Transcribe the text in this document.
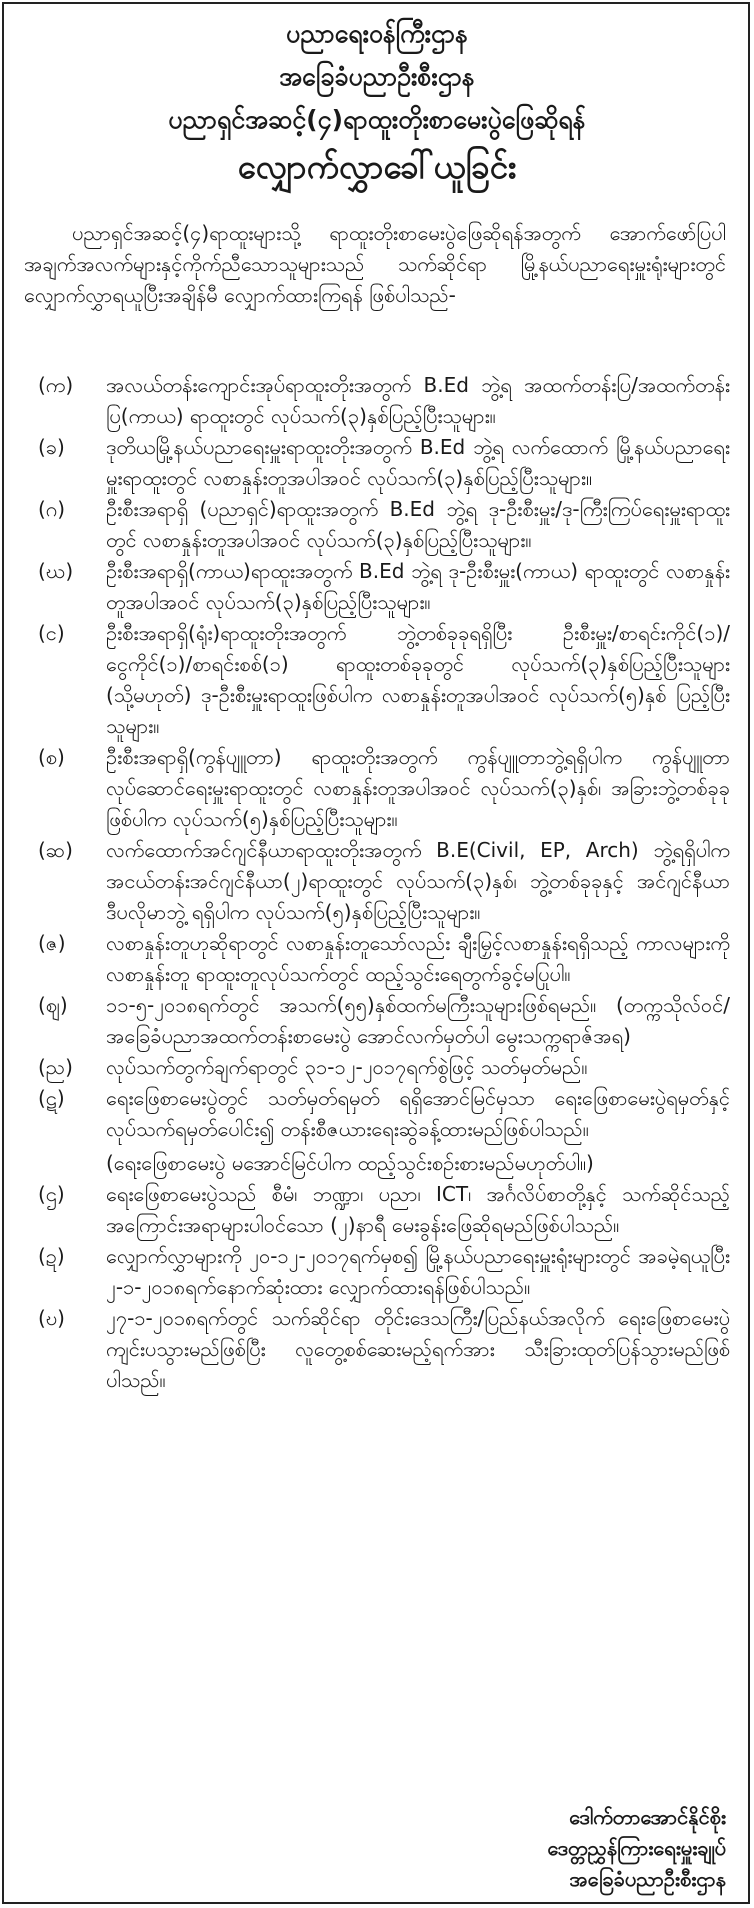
ပညာရေးဝန်ကြီးဌာန
အခြေခံပညာဦးစီးဌာန
ပညာရှင်အဆင့်(၄)ရာထူးတိုးစာမေးပွဲဖြေဆိုရန်
လျှောက်လွှာခေါ်ယူခြင်း
ပညာရှင်အဆင့်(၄)ရာထူးများသို့ ရာထူးတိုးစာမေးပွဲဖြေဆိုရန်အတွက် အောက်ဖော်ပြပါ အချက်အလက်များနှင့်ကိုက်ညီသောသူများသည် သက်ဆိုင်ရာ မြို့နယ်ပညာရေးမှူးရုံးများတွင် လျှောက်လွှာရယူပြီးအချိန်မီ လျှောက်ထားကြရန် ဖြစ်ပါသည်-
(က)	အလယ်တန်းကျောင်းအုပ်ရာထူးတိုးအတွက် B.Ed ဘွဲ့ရ အထက်တန်းပြ/အထက်တန်းပြ(ကာယ) ရာထူးတွင် လုပ်သက်(၃)နှစ်ပြည့်ပြီးသူများ။
(ခ)	ဒုတိယမြို့နယ်ပညာရေးမှူးရာထူးတိုးအတွက် B.Ed ဘွဲ့ရ လက်ထောက် မြို့နယ်ပညာရေးမှူးရာထူးတွင် လစာနှုန်းတူအပါအဝင် လုပ်သက်(၃)နှစ်ပြည့်ပြီးသူများ။
(ဂ)	ဦးစီးအရာရှိ (ပညာရှင်)ရာထူးအတွက် B.Ed ဘွဲ့ရ ဒု-ဦးစီးမှူး/ဒု-ကြီးကြပ်ရေးမှူးရာထူးတွင် လစာနှုန်းတူအပါအဝင် လုပ်သက်(၃)နှစ်ပြည့်ပြီးသူများ။
(ဃ)	ဦးစီးအရာရှိ(ကာယ)ရာထူးအတွက် B.Ed ဘွဲ့ရ ဒု-ဦးစီးမှူး(ကာယ) ရာထူးတွင် လစာနှုန်းတူအပါအဝင် လုပ်သက်(၃)နှစ်ပြည့်ပြီးသူများ။
(င)	ဦးစီးအရာရှိ(ရုံး)ရာထူးတိုးအတွက် ဘွဲ့တစ်ခုခုရရှိပြီး ဦးစီးမှူး/စာရင်းကိုင်(၁)/ ငွေကိုင်(၁)/စာရင်းစစ်(၁) ရာထူးတစ်ခုခုတွင် လုပ်သက်(၃)နှစ်ပြည့်ပြီးသူများ (သို့မဟုတ်) ဒု-ဦးစီးမှူးရာထူးဖြစ်ပါက လစာနှုန်းတူအပါအဝင် လုပ်သက်(၅)နှစ် ပြည့်ပြီးသူများ။
(စ)	ဦးစီးအရာရှိ(ကွန်ပျူတာ) ရာထူးတိုးအတွက် ကွန်ပျူတာဘွဲ့ရရှိပါက ကွန်ပျူတာလုပ်ဆောင်ရေးမှူးရာထူးတွင် လစာနှုန်းတူအပါအဝင် လုပ်သက်(၃)နှစ်၊ အခြားဘွဲ့တစ်ခုခုဖြစ်ပါက လုပ်သက်(၅)နှစ်ပြည့်ပြီးသူများ။
(ဆ)	လက်ထောက်အင်ဂျင်နီယာရာထူးတိုးအတွက် B.E(Civil, EP, Arch) ဘွဲ့ရရှိပါက အငယ်တန်းအင်ဂျင်နီယာ(၂)ရာထူးတွင် လုပ်သက်(၃)နှစ်၊ ဘွဲ့တစ်ခုခုနှင့် အင်ဂျင်နီယာဒီပလိုမာဘွဲ့ ရရှိပါက လုပ်သက်(၅)နှစ်ပြည့်ပြီးသူများ။
(ဇ)	လစာနှုန်းတူဟုဆိုရာတွင် လစာနှုန်းတူသော်လည်း ချီးမြှင့်လစာနှုန်းရရှိသည့် ကာလများကို လစာနှုန်းတူ ရာထူးတူလုပ်သက်တွင် ထည့်သွင်းရေတွက်ခွင့်မပြုပါ။
(ဈ)	၁၁-၅-၂၀၁၈ရက်တွင် အသက်(၅၅)နှစ်ထက်မကြီးသူများဖြစ်ရမည်။ (တက္ကသိုလ်ဝင်/အခြေခံပညာအထက်တန်းစာမေးပွဲ အောင်လက်မှတ်ပါ မွေးသက္ကရာဇ်အရ)
(ည)	လုပ်သက်တွက်ချက်ရာတွင် ၃၁-၁၂-၂၀၁၇ရက်စွဲဖြင့် သတ်မှတ်မည်။
(ဋ)	ရေးဖြေစာမေးပွဲတွင် သတ်မှတ်ရမှတ် ရရှိအောင်မြင်မှသာ ရေးဖြေစာမေးပွဲရမှတ်နှင့်လုပ်သက်ရမှတ်ပေါင်း၍ တန်းစီဇယားရေးဆွဲခန့်ထားမည်ဖြစ်ပါသည်။
(ရေးဖြေစာမေးပွဲ မအောင်မြင်ပါက ထည့်သွင်းစဉ်းစားမည်မဟုတ်ပါ။)
(ဌ)	ရေးဖြေစာမေးပွဲသည် စီမံ၊ ဘဏ္ဍာ၊ ပညာ၊ ICT၊ အင်္ဂလိပ်စာတို့နှင့် သက်ဆိုင်သည့်အကြောင်းအရာများပါဝင်သော (၂)နာရီ မေးခွန်းဖြေဆိုရမည်ဖြစ်ပါသည်။
(ဍ)	လျှောက်လွှာများကို ၂၀-၁၂-၂၀၁၇ရက်မှစ၍ မြို့နယ်ပညာရေးမှူးရုံးများတွင် အခမဲ့ရယူပြီး ၂-၁-၂၀၁၈ရက်နောက်ဆုံးထား လျှောက်ထားရန်ဖြစ်ပါသည်။
(ဎ)	၂၇-၁-၂၀၁၈ရက်တွင် သက်ဆိုင်ရာ တိုင်းဒေသကြီး/ပြည်နယ်အလိုက် ရေးဖြေစာမေးပွဲကျင်းပသွားမည်ဖြစ်ပြီး လူတွေ့စစ်ဆေးမည့်ရက်အား သီးခြားထုတ်ပြန်သွားမည်ဖြစ်ပါသည်။
ဒေါက်တာအောင်နိုင်စိုး
ဒေတ္တညွှန်ကြားရေးမှူးချုပ်
အခြေခံပညာဦးစီးဌာန
